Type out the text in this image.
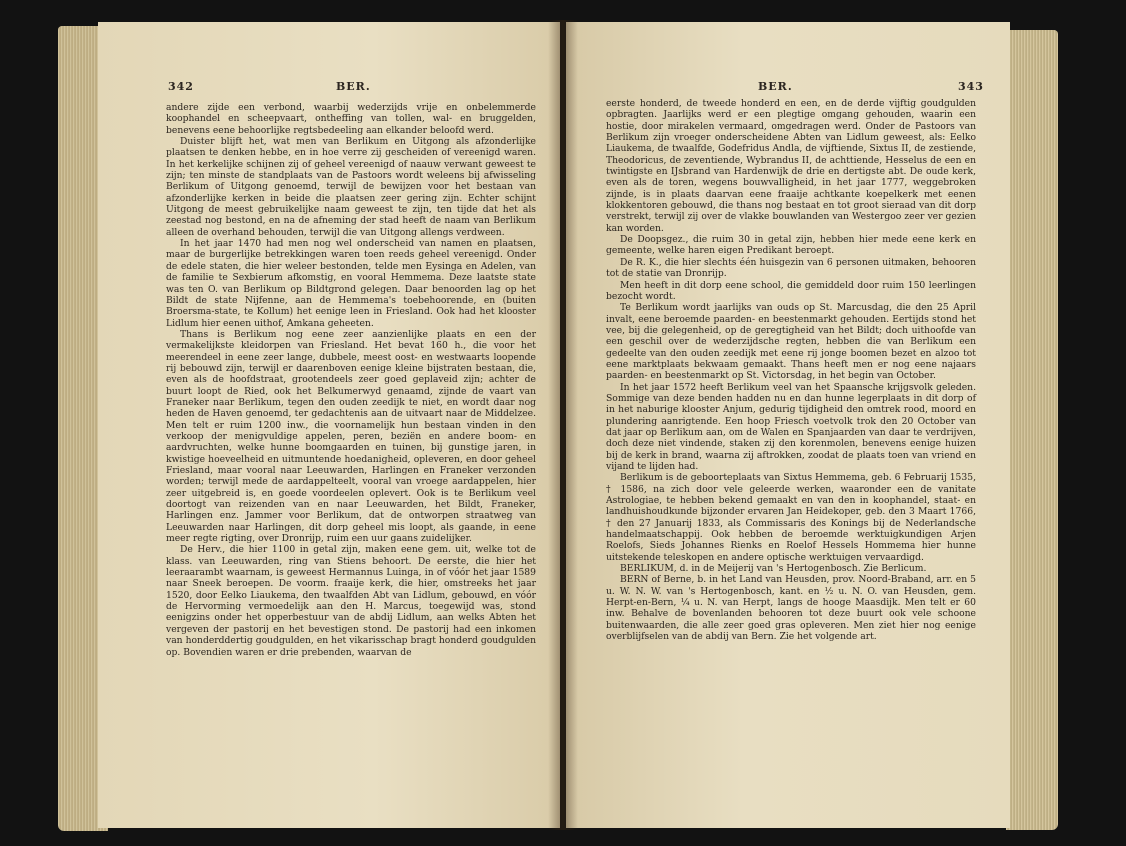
342	BER.

andere zijde een verbond, waarbij wederzijds vrije en onbelemmerde koophandel en scheepvaart, ontheffing van tollen, wal- en bruggelden, benevens eene behoorlijke regtsbedeeling aan elkander beloofd werd.

Duister blijft het, wat men van Berlikum en Uitgong als afzonderlijke plaatsen te denken hebbe, en in hoe verre zij gescheiden of vereenigd waren. In het kerkelijke schijnen zij of geheel vereenigd of naauw verwant geweest te zijn; ten minste de standplaats van de Pastoors wordt weleens bij afwisseling Berlikum of Uitgong genoemd, terwijl de bewijzen voor het bestaan van afzonderlijke kerken in beide die plaatsen zeer gering zijn. Echter schijnt Uitgong de meest gebruikelijke naam geweest te zijn, ten tijde dat het als zeestad nog bestond, en na de afneming der stad heeft de naam van Berlikum alleen de overhand behouden, terwijl die van Uitgong allengs verdween.

In het jaar 1470 had men nog wel onderscheid van namen en plaatsen, maar de burgerlijke betrekkingen waren toen reeds geheel vereenigd. Onder de edele staten, die hier weleer bestonden, telde men Eysinga en Adelen, van de familie te Sexbierum afkomstig, en vooral Hemmema. Deze laatste state was ten O. van Berlikum op Bildtgrond gelegen. Daar benoorden lag op het Bildt de state Nijfenne, aan de Hemmema's toebehoorende, en (buiten Broersma-state, te Kollum) het eenige leen in Friesland. Ook had het klooster Lidlum hier eenen uithof, Amkana geheeten.

Thans is Berlikum nog eene zeer aanzienlijke plaats en een der vermakelijkste kleidorpen van Friesland. Het bevat 160 h., die voor het meerendeel in eene zeer lange, dubbele, meest oost- en westwaarts loopende rij bebouwd zijn, terwijl er daarenboven eenige kleine bijstraten bestaan, die, even als de hoofdstraat, grootendeels zeer goed geplaveid zijn; achter de buurt loopt de Ried, ook het Belkumerwyd genaamd, zijnde de vaart van Franeker naar Berlikum, tegen den ouden zeedijk te niet, en wordt daar nog heden de Haven genoemd, ter gedachtenis aan de uitvaart naar de Middelzee. Men telt er ruim 1200 inw., die voornamelijk hun bestaan vinden in den verkoop der menigvuldige appelen, peren, beziën en andere boom- en aardvruchten, welke hunne boomgaarden en tuinen, bij gunstige jaren, in kwistige hoeveelheid en uitmuntende hoedanigheid, opleveren, en door geheel Friesland, maar vooral naar Leeuwarden, Harlingen en Franeker verzonden worden; terwijl mede de aardappelteelt, vooral van vroege aardappelen, hier zeer uitgebreid is, en goede voordeelen oplevert. Ook is te Berlikum veel doortogt van reizenden van en naar Leeuwarden, het Bildt, Franeker, Harlingen enz. Jammer voor Berlikum, dat de ontworpen straatweg van Leeuwarden naar Harlingen, dit dorp geheel mis loopt, als gaande, in eene meer regte rigting, over Dronrijp, ruim een uur gaans zuidelijker.

De Herv., die hier 1100 in getal zijn, maken eene gem. uit, welke tot de klass. van Leeuwarden, ring van Stiens behoort. De eerste, die hier het leeraarambt waarnam, is geweest Hermannus Luinga, in of vóór het jaar 1589 naar Sneek beroepen. De voorm. fraaije kerk, die hier, omstreeks het jaar 1520, door Eelko Liaukema, den twaalfden Abt van Lidlum, gebouwd, en vóór de Hervorming vermoedelijk aan den H. Marcus, toegewijd was, stond eenigzins onder het opperbestuur van de abdij Lidlum, aan welks Abten het vergeven der pastorij en het bevestigen stond. De pastorij had een inkomen van honderddertig goudgulden, en het vikarisschap bragt honderd goudgulden op. Bovendien waren er drie prebenden, waarvan de

BER.	343

eerste honderd, de tweede honderd en een, en de derde vijftig goudgulden opbragten. Jaarlijks werd er een plegtige omgang gehouden, waarin een hostie, door mirakelen vermaard, omgedragen werd. Onder de Pastoors van Berlikum zijn vroeger onderscheidene Abten van Lidlum geweest, als: Eelko Liaukema, de twaalfde, Godefridus Andla, de vijftiende, Sixtus II, de zestiende, Theodoricus, de zeventiende, Wybrandus II, de achttiende, Hesselus de een en twintigste en IJsbrand van Hardenwijk de drie en dertigste abt. De oude kerk, even als de toren, wegens bouwvalligheid, in het jaar 1777, weggebroken zijnde, is in plaats daarvan eene fraaije achtkante koepelkerk met eenen klokkentoren gebouwd, die thans nog bestaat en tot groot sieraad van dit dorp verstrekt, terwijl zij over de vlakke bouwlanden van Westergoo zeer ver gezien kan worden.

De Doopsgez., die ruim 30 in getal zijn, hebben hier mede eene kerk en gemeente, welke haren eigen Predikant beroept.

De R. K., die hier slechts één huisgezin van 6 personen uitmaken, behooren tot de statie van Dronrijp.

Men heeft in dit dorp eene school, die gemiddeld door ruim 150 leerlingen bezocht wordt.

Te Berlikum wordt jaarlijks van ouds op St. Marcusdag, die den 25 April invalt, eene beroemde paarden- en beestenmarkt gehouden. Eertijds stond het vee, bij die gelegenheid, op de geregtigheid van het Bildt; doch uithoofde van een geschil over de wederzijdsche regten, hebben die van Berlikum een gedeelte van den ouden zeedijk met eene rij jonge boomen bezet en alzoo tot eene marktplaats bekwaam gemaakt. Thans heeft men er nog eene najaars paarden- en beestenmarkt op St. Victorsdag, in het begin van October.

In het jaar 1572 heeft Berlikum veel van het Spaansche krijgsvolk geleden. Sommige van deze benden hadden nu en dan hunne legerplaats in dit dorp of in het naburige klooster Anjum, gedurig tijdigheid den omtrek rood, moord en plundering aanrigtende. Een hoop Friesch voetvolk trok den 20 October van dat jaar op Berlikum aan, om de Walen en Spanjaarden van daar te verdrijven, doch deze niet vindende, staken zij den korenmolen, benevens eenige huizen bij de kerk in brand, waarna zij aftrokken, zoodat de plaats toen van vriend en vijand te lijden had.

Berlikum is de geboorteplaats van Sixtus Hemmema, geb. 6 Februarij 1535, † 1586, na zich door vele geleerde werken, waaronder een de vanitate Astrologiae, te hebben bekend gemaakt en van den in koophandel, staat- en landhuishoudkunde bijzonder ervaren Jan Heidekoper, geb. den 3 Maart 1766, † den 27 Januarij 1833, als Commissaris des Konings bij de Nederlandsche handelmaatschappij. Ook hebben de beroemde werktuigkundigen Arjen Roelofs, Sieds Johannes Rienks en Roelof Hessels Hommema hier hunne uitstekende teleskopen en andere optische werktuigen vervaardigd.

BERLIKUM, d. in de Meijerij van 's Hertogenbosch. Zie Berlicum.

BERN of Berne, b. in het Land van Heusden, prov. Noord-Braband, arr. en 5 u. W. N. W. van 's Hertogenbosch, kant. en ½ u. N. O. van Heusden, gem. Herpt-en-Bern, ¼ u. N. van Herpt, langs de hooge Maasdijk. Men telt er 60 inw. Behalve de bovenlanden behooren tot deze buurt ook vele schoone buitenwaarden, die alle zeer goed gras opleveren. Men ziet hier nog eenige overblijfselen van de abdij van Bern. Zie het volgende art.
